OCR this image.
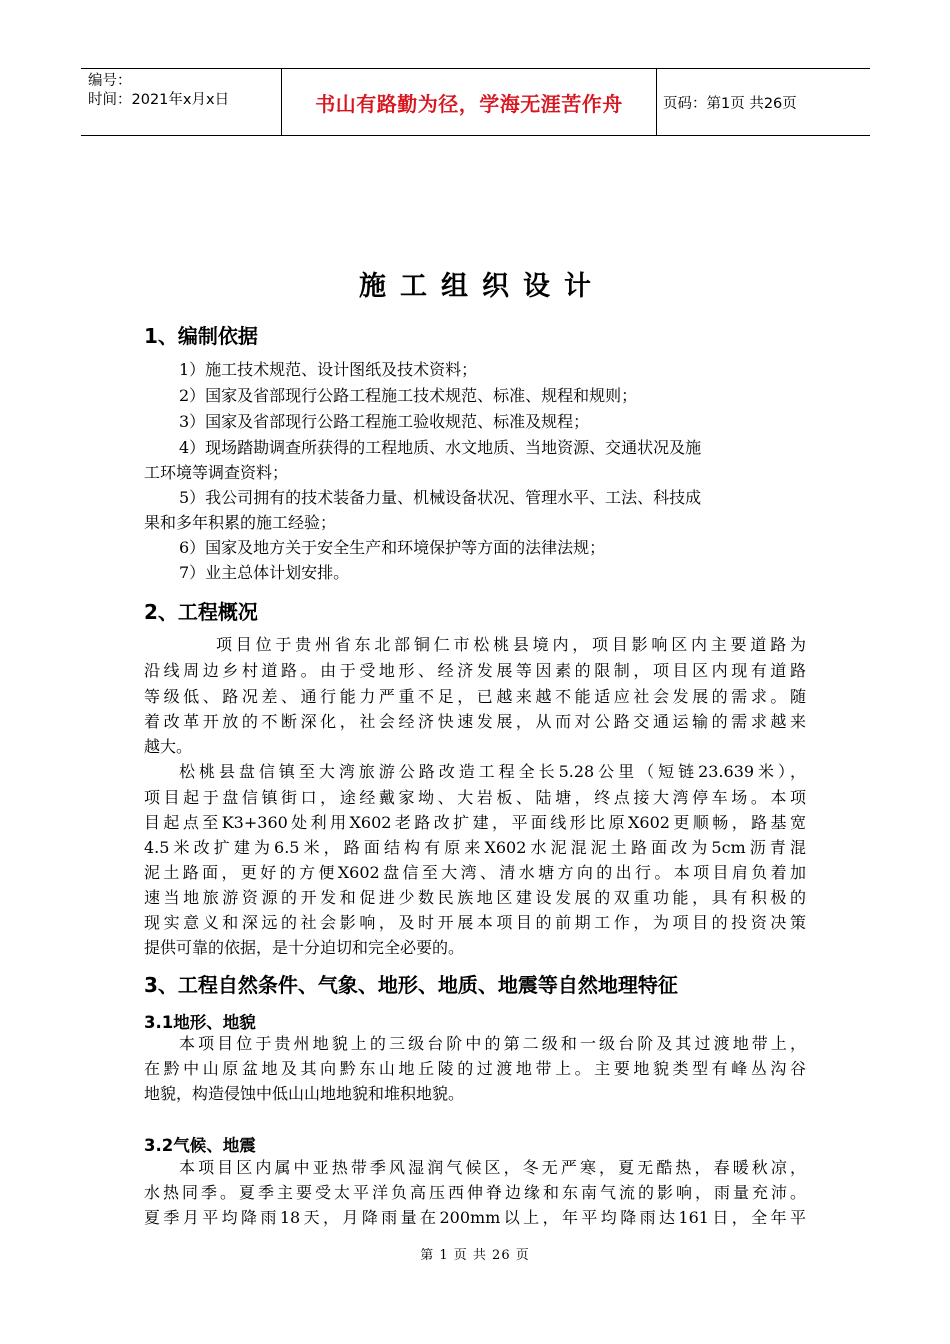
编号：
时间：2021年x月x日	书山有路勤为径，学海无涯苦作舟	页码：第1页 共26页
施工组织设计
1、编制依据
1）施工技术规范、设计图纸及技术资料；
2）国家及省部现行公路工程施工技术规范、标准、规程和规则；
3）国家及省部现行公路工程施工验收规范、标准及规程；
4）现场踏勘调查所获得的工程地质、水文地质、当地资源、交通状况及施
工环境等调查资料；
5）我公司拥有的技术装备力量、机械设备状况、管理水平、工法、科技成
果和多年积累的施工经验；
6）国家及地方关于安全生产和环境保护等方面的法律法规；
7）业主总体计划安排。
2、工程概况
项目位于贵州省东北部铜仁市松桃县境内，项目影响区内主要道路为
沿线周边乡村道路。由于受地形、经济发展等因素的限制，项目区内现有道路
等级低、路况差、通行能力严重不足，已越来越不能适应社会发展的需求。随
着改革开放的不断深化，社会经济快速发展，从而对公路交通运输的需求越来
越大。
松桃县盘信镇至大湾旅游公路改造工程全长5.28公里（短链23.639米），
项目起于盘信镇街口，途经戴家坳、大岩板、陆塘，终点接大湾停车场。本项
目起点至K3+360处利用X602老路改扩建，平面线形比原X602更顺畅，路基宽
4.5米改扩建为6.5米，路面结构有原来X602水泥混泥土路面改为5cm沥青混
泥土路面，更好的方便X602盘信至大湾、清水塘方向的出行。本项目肩负着加
速当地旅游资源的开发和促进少数民族地区建设发展的双重功能，具有积极的
现实意义和深远的社会影响，及时开展本项目的前期工作，为项目的投资决策
提供可靠的依据，是十分迫切和完全必要的。
3、工程自然条件、气象、地形、地质、地震等自然地理特征
3.1地形、地貌
本项目位于贵州地貌上的三级台阶中的第二级和一级台阶及其过渡地带上，
在黔中山原盆地及其向黔东山地丘陵的过渡地带上。主要地貌类型有峰丛沟谷
地貌，构造侵蚀中低山山地地貌和堆积地貌。
3.2气候、地震
本项目区内属中亚热带季风湿润气候区，冬无严寒，夏无酷热，春暖秋凉，
水热同季。夏季主要受太平洋负高压西伸脊边缘和东南气流的影响，雨量充沛。
夏季月平均降雨18天，月降雨量在200mm以上，年平均降雨达161日，全年平
第 1 页 共 26 页
